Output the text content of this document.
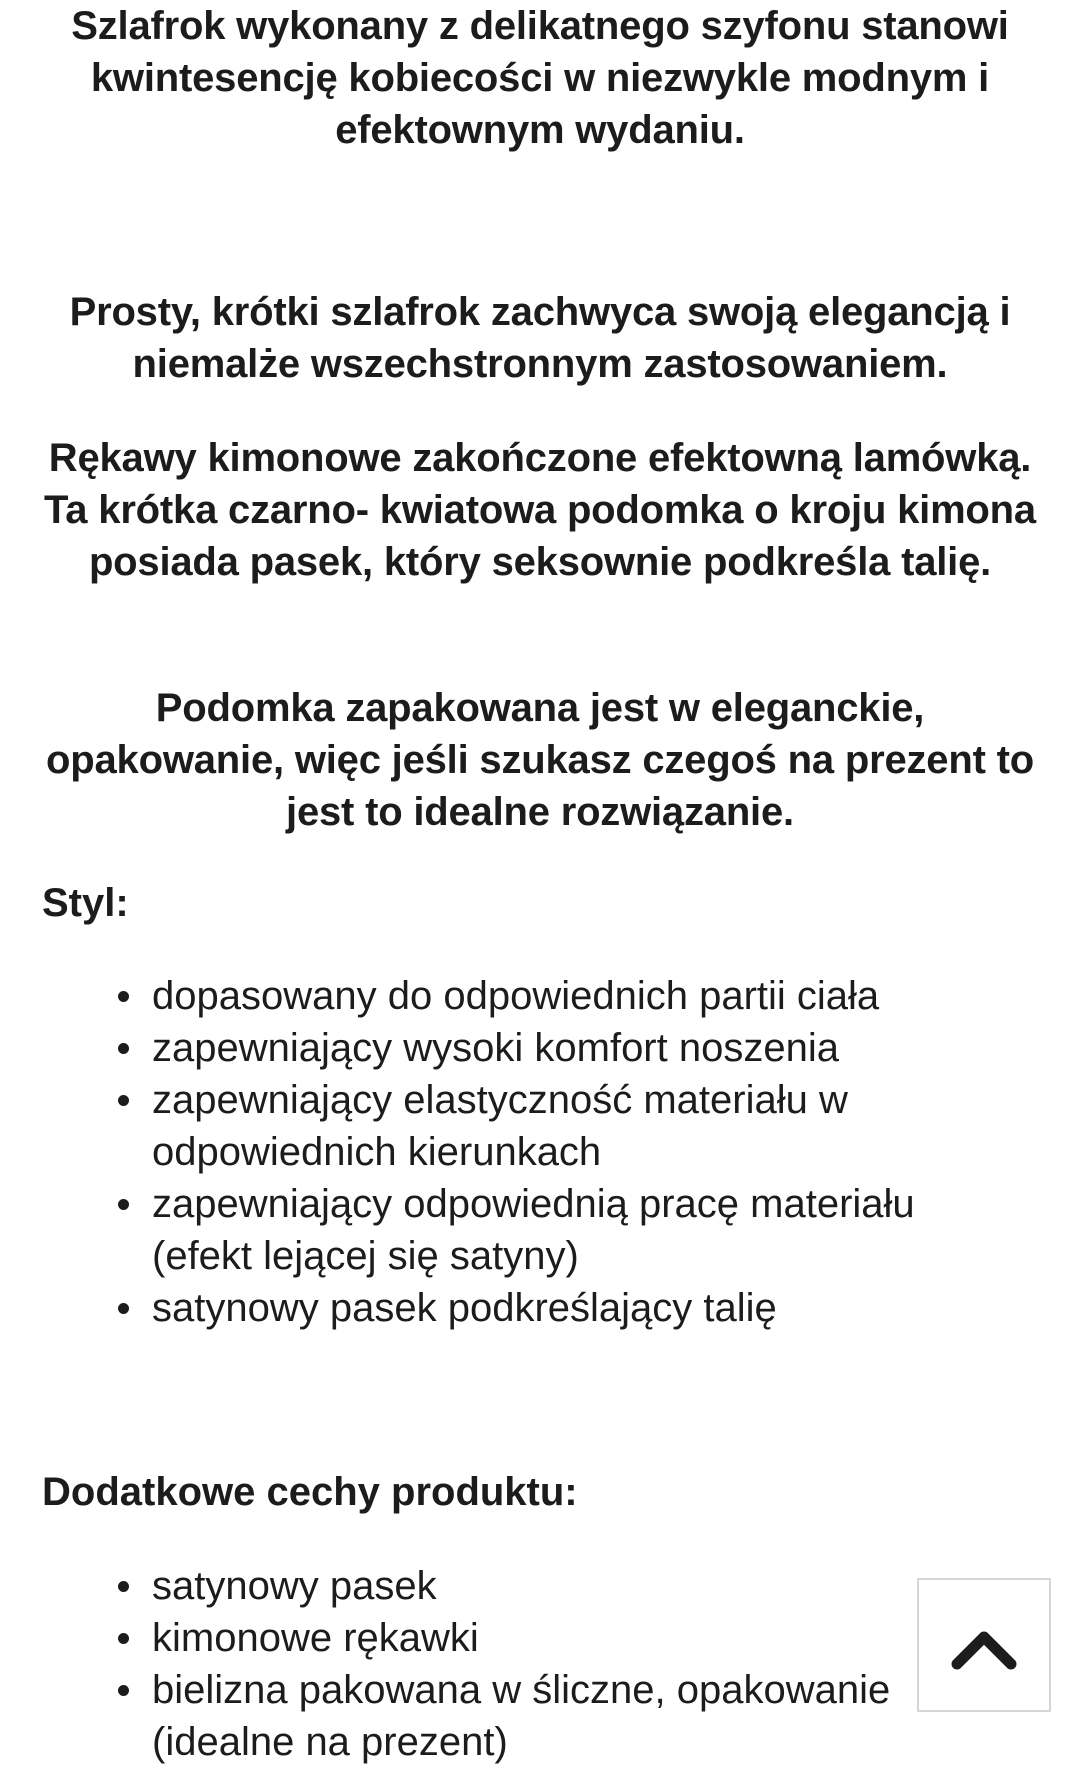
Szlafrok wykonany z delikatnego szyfonu stanowi kwintesencję kobiecości w niezwykle modnym i efektownym wydaniu.

Prosty, krótki szlafrok zachwyca swoją elegancją i niemalże wszechstronnym zastosowaniem.

Rękawy kimonowe zakończone efektowną lamówką. Ta krótka czarno- kwiatowa podomka o kroju kimona posiada pasek, który seksownie podkreśla talię.

Podomka zapakowana jest w eleganckie, opakowanie, więc jeśli szukasz czegoś na prezent to jest to idealne rozwiązanie.

Styl:
dopasowany do odpowiednich partii ciała
zapewniający wysoki komfort noszenia
zapewniający elastyczność materiału w odpowiednich kierunkach
zapewniający odpowiednią pracę materiału (efekt lejącej się satyny)
satynowy pasek podkreślający talię
Dodatkowe cechy produktu:
satynowy pasek
kimonowe rękawki
bielizna pakowana w śliczne, opakowanie (idealne na prezent)
